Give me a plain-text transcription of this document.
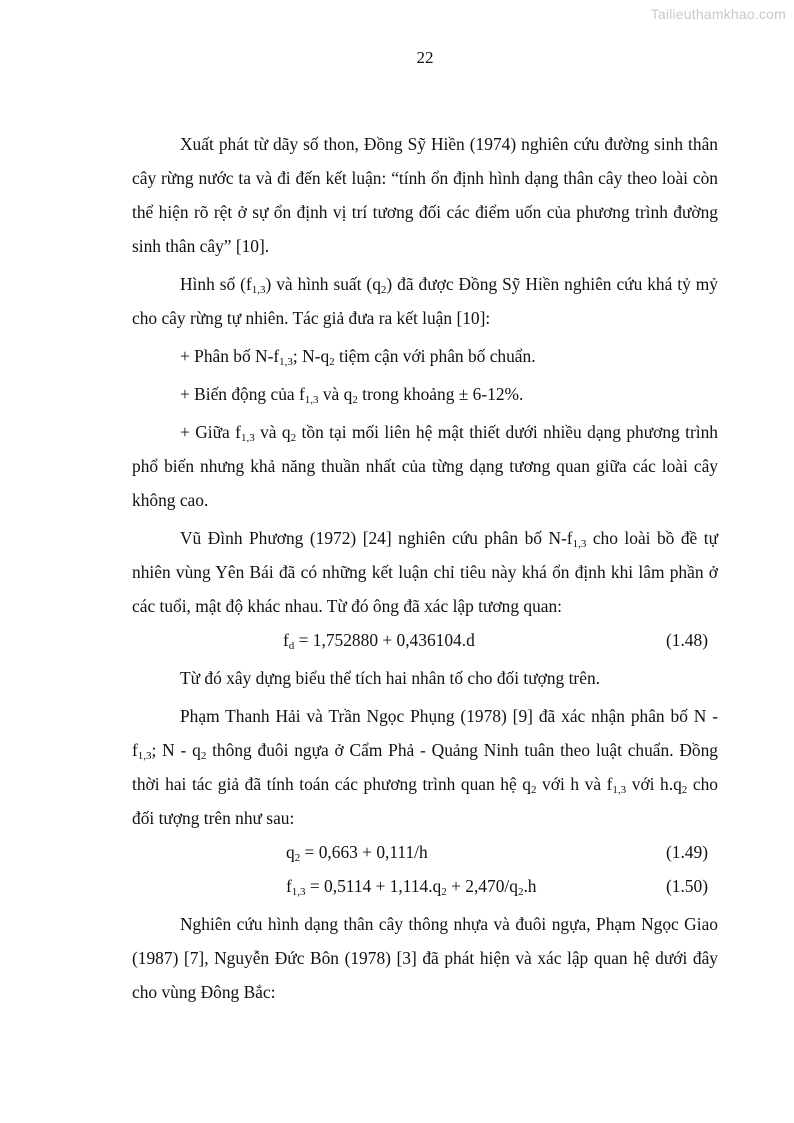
Tailieuthamkhao.com
22

Xuất phát từ dãy số thon, Đồng Sỹ Hiền (1974) nghiên cứu đường sinh thân cây rừng nước ta và đi đến kết luận: “tính ổn định hình dạng thân cây theo loài còn thể hiện rõ rệt ở sự ổn định vị trí tương đối các điểm uốn của phương trình đường sinh thân cây” [10].

Hình số $(f_{1,3})$ và hình suất $(q_2)$ đã được Đồng Sỹ Hiền nghiên cứu khá tỷ mỷ cho cây rừng tự nhiên. Tác giả đưa ra kết luận [10]:

+ Phân bố $N-f_{1,3}$; $N-q_2$ tiệm cận với phân bố chuẩn.

+ Biến động của $f_{1,3}$ và $q_2$ trong khoảng ± 6-12%.

+ Giữa $f_{1,3}$ và $q_2$ tồn tại mối liên hệ mật thiết dưới nhiều dạng phương trình phổ biến nhưng khả năng thuần nhất của từng dạng tương quan giữa các loài cây không cao.

Vũ Đình Phương (1972) [24] nghiên cứu phân bố $N-f_{1,3}$ cho loài bồ đề tự nhiên vùng Yên Bái đã có những kết luận chỉ tiêu này khá ổn định khi lâm phần ở các tuổi, mật độ khác nhau. Từ đó ông đã xác lập tương quan:

$f_d = 1,752880 + 0,436104.d$	(1.48)

Từ đó xây dựng biểu thể tích hai nhân tố cho đối tượng trên.

Phạm Thanh Hải và Trần Ngọc Phụng (1978) [9] đã xác nhận phân bố N - $f_{1,3}$; N - $q_2$ thông đuôi ngựa ở Cẩm Phả - Quảng Ninh tuân theo luật chuẩn. Đồng thời hai tác giả đã tính toán các phương trình quan hệ $q_2$ với h và $f_{1,3}$ với $h.q_2$ cho đối tượng trên như sau:

$q_2 = 0,663 + 0,111/h$	(1.49)
$f_{1,3} = 0,5114 + 1,114.q_2 + 2,470/q_2.h$	(1.50)

Nghiên cứu hình dạng thân cây thông nhựa và đuôi ngựa, Phạm Ngọc Giao (1987) [7], Nguyễn Đức Bôn (1978) [3] đã phát hiện và xác lập quan hệ dưới đây cho vùng Đông Bắc:
